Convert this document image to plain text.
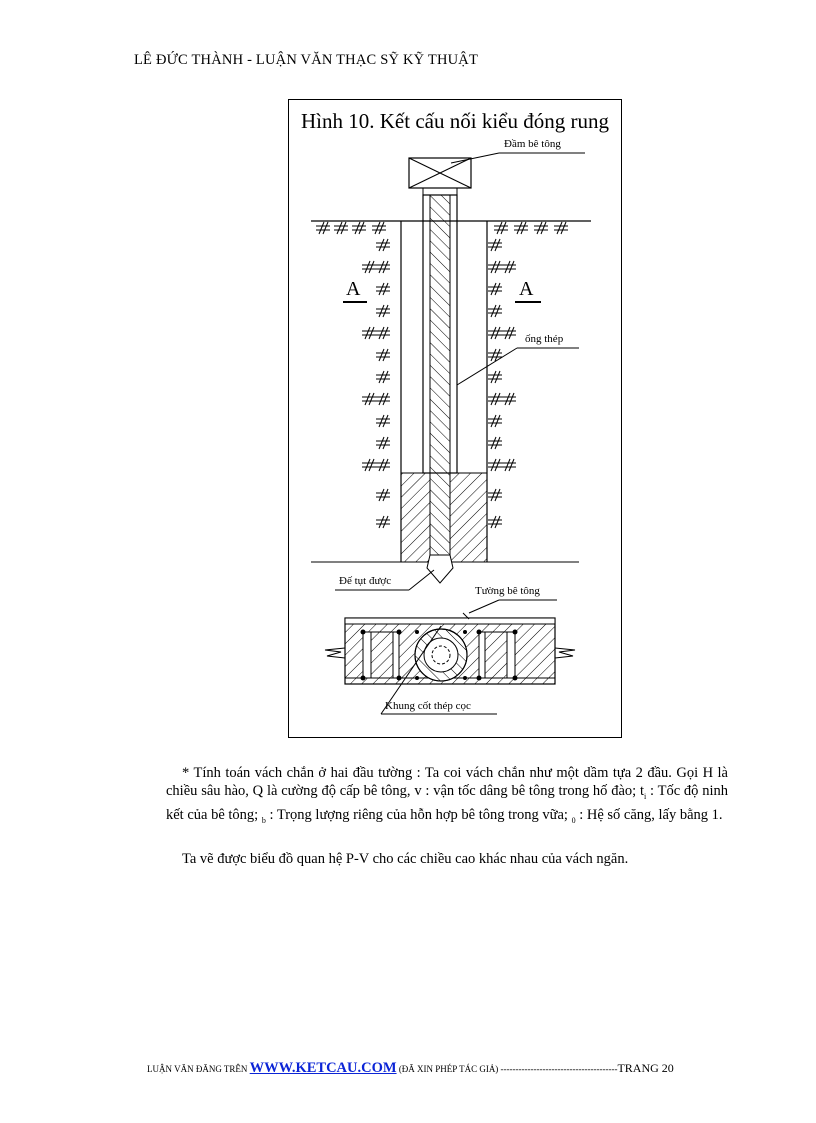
LÊ ĐỨC THÀNH - LUẬN VĂN THẠC SỸ KỸ THUẬT
Hình 10. Kết cấu nối kiểu đóng rung
Đầm bê tông
ống thép
Đế tụt được
Tường bê tông
Khung cốt thép cọc
A	A

* Tính toán vách chắn ở hai đầu tường : Ta coi vách chắn như một dầm tựa 2 đầu. Gọi H là chiều sâu hào, Q là cường độ cấp bê tông, v : vận tốc dâng bê tông trong hố đào; $t_i$ : Tốc độ ninh kết của bê tông; $_b$ : Trọng lượng riêng của hỗn hợp bê tông trong vữa; $_0$ : Hệ số căng, lấy bằng 1.

Ta vẽ được biểu đồ quan hệ P-V cho các chiều cao khác nhau của vách ngăn.

LUẬN VĂN ĐĂNG TRÊN WWW.KETCAU.COM (ĐÃ XIN PHÉP TÁC GIẢ) ---------------------------------------TRANG 20
